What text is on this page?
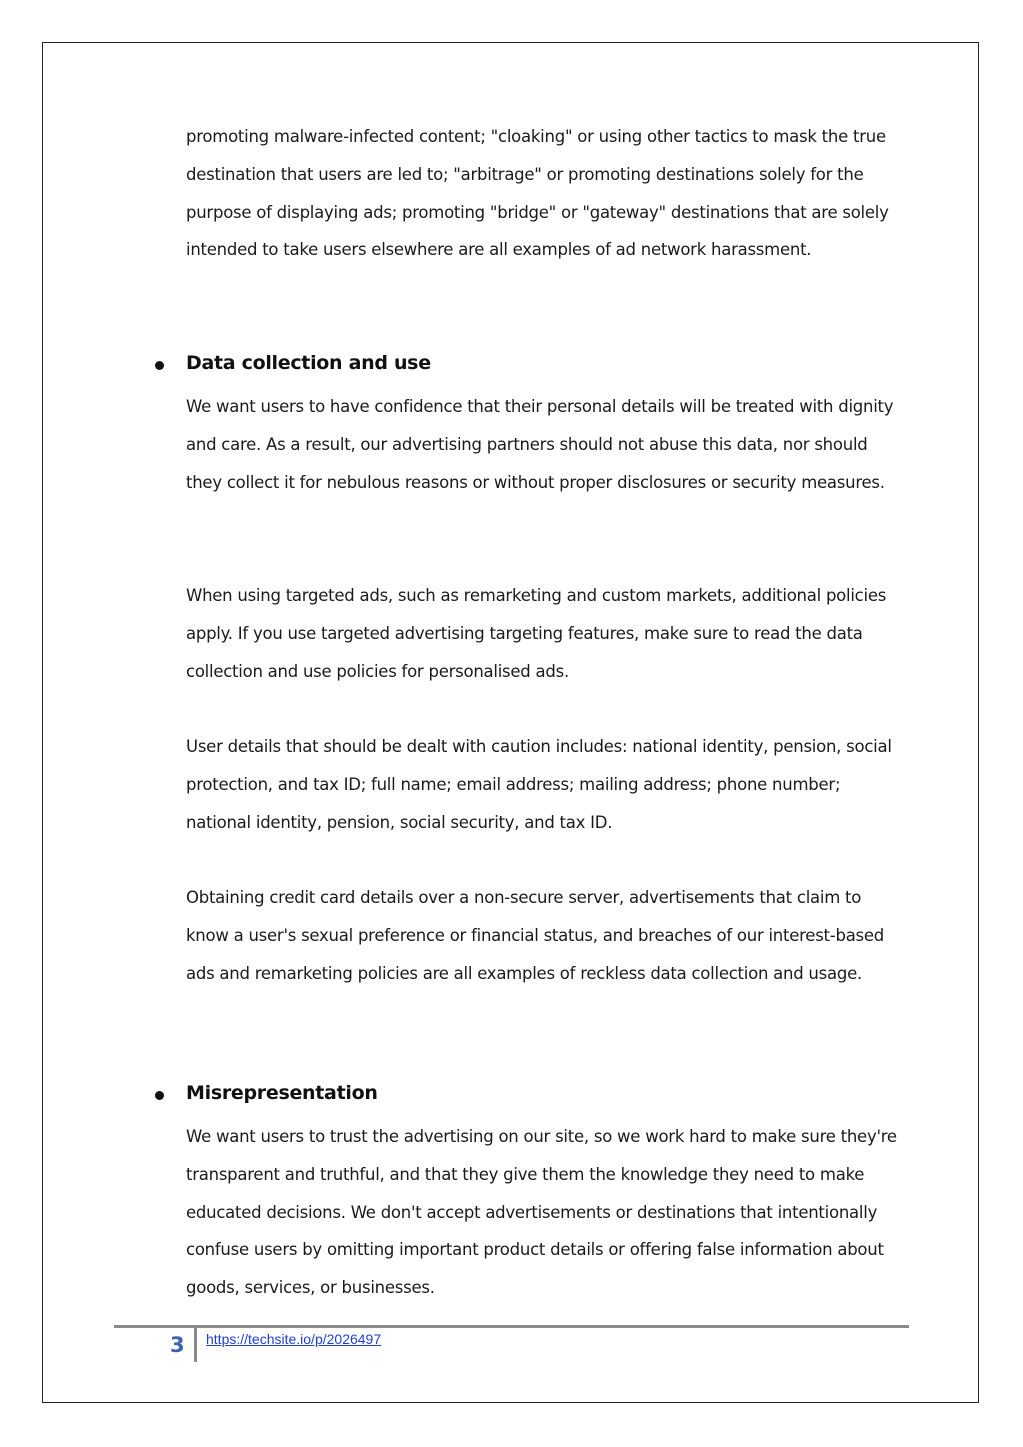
promoting malware-infected content; "cloaking" or using other tactics to mask the true destination that users are led to; "arbitrage" or promoting destinations solely for the purpose of displaying ads; promoting "bridge" or "gateway" destinations that are solely intended to take users elsewhere are all examples of ad network harassment.

Data collection and use

We want users to have confidence that their personal details will be treated with dignity and care. As a result, our advertising partners should not abuse this data, nor should they collect it for nebulous reasons or without proper disclosures or security measures.

When using targeted ads, such as remarketing and custom markets, additional policies apply. If you use targeted advertising targeting features, make sure to read the data collection and use policies for personalised ads.

User details that should be dealt with caution includes: national identity, pension, social protection, and tax ID; full name; email address; mailing address; phone number; national identity, pension, social security, and tax ID.

Obtaining credit card details over a non-secure server, advertisements that claim to know a user's sexual preference or financial status, and breaches of our interest-based ads and remarketing policies are all examples of reckless data collection and usage.

Misrepresentation

We want users to trust the advertising on our site, so we work hard to make sure they're transparent and truthful, and that they give them the knowledge they need to make educated decisions. We don't accept advertisements or destinations that intentionally confuse users by omitting important product details or offering false information about goods, services, or businesses.

3 https://techsite.io/p/2026497
